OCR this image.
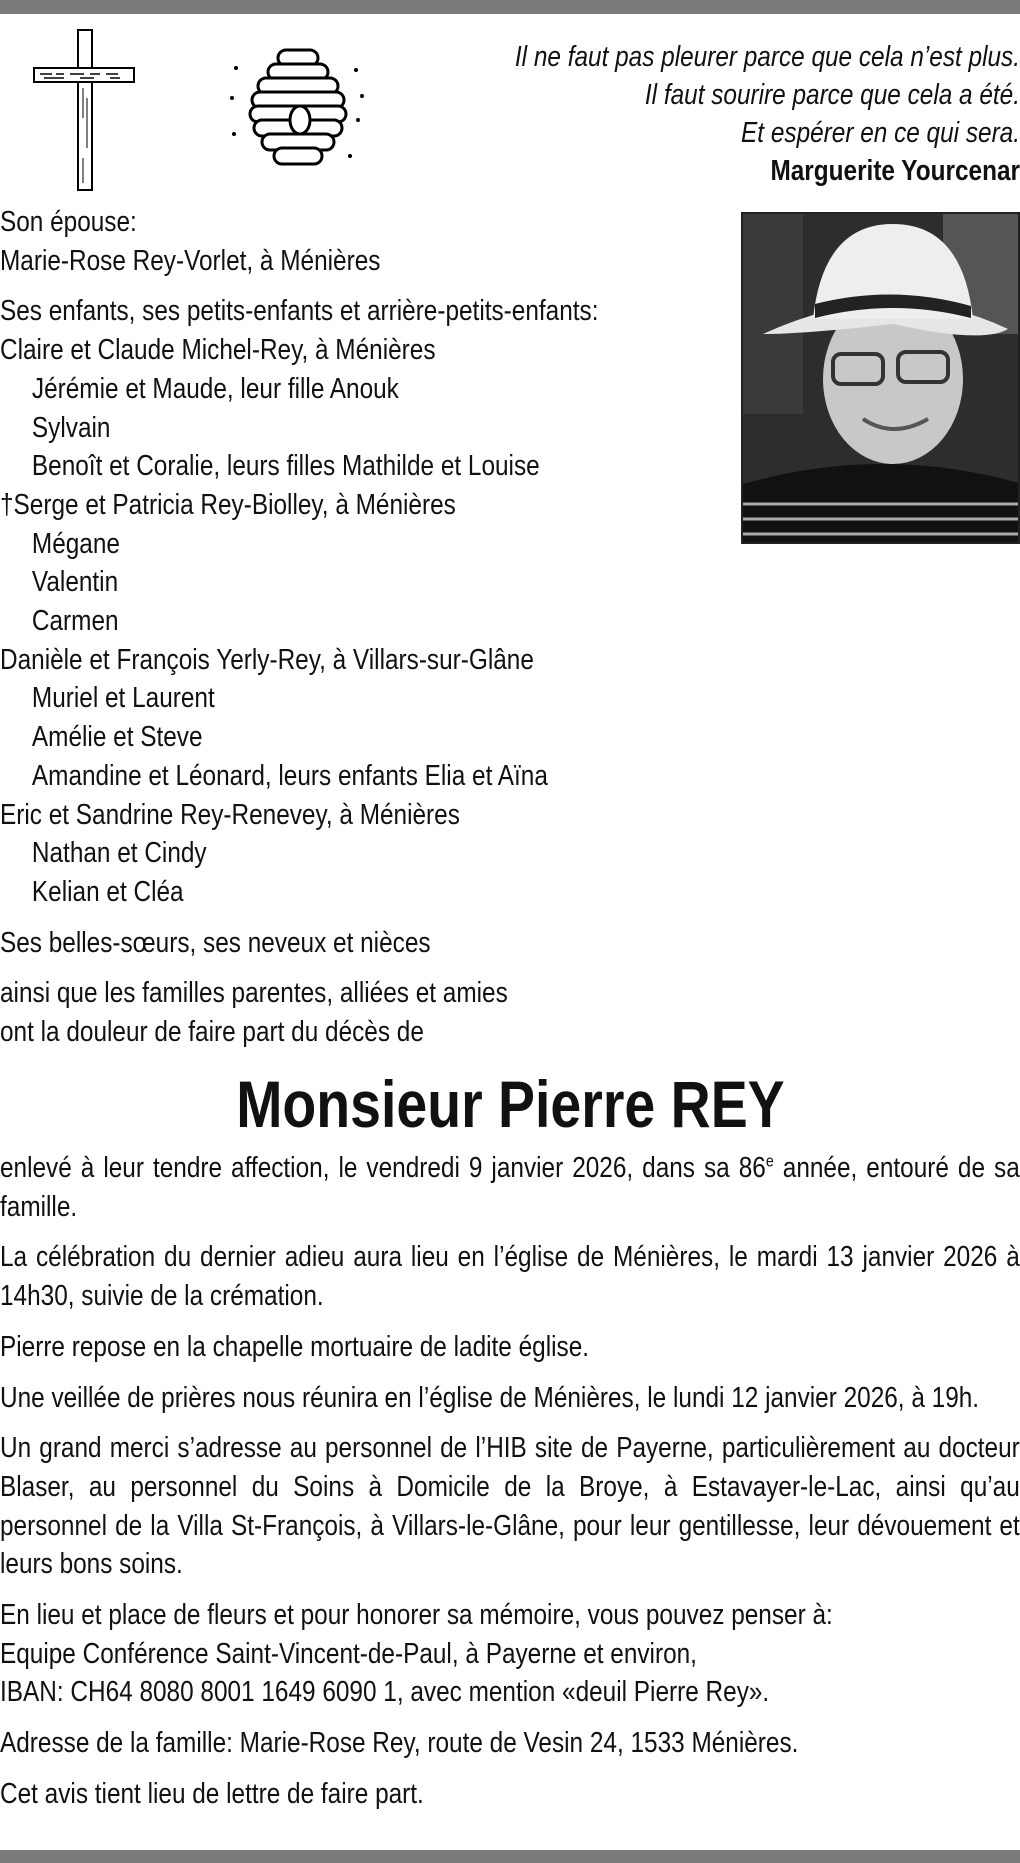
Il ne faut pas pleurer parce que cela n’est plus.
Il faut sourire parce que cela a été.
Et espérer en ce qui sera.
Marguerite Yourcenar

Son épouse:
Marie-Rose Rey-Vorlet, à Ménières

Ses enfants, ses petits-enfants et arrière-petits-enfants:
Claire et Claude Michel-Rey, à Ménières
Jérémie et Maude, leur fille Anouk
Sylvain
Benoît et Coralie, leurs filles Mathilde et Louise
†Serge et Patricia Rey-Biolley, à Ménières
Mégane
Valentin
Carmen
Danièle et François Yerly-Rey, à Villars-sur-Glâne
Muriel et Laurent
Amélie et Steve
Amandine et Léonard, leurs enfants Elia et Aïna
Eric et Sandrine Rey-Renevey, à Ménières
Nathan et Cindy
Kelian et Cléa

Ses belles-sœurs, ses neveux et nièces

ainsi que les familles parentes, alliées et amies
ont la douleur de faire part du décès de

Monsieur Pierre REY

enlevé à leur tendre affection, le vendredi 9 janvier 2026, dans sa 86e année, entouré de sa famille.

La célébration du dernier adieu aura lieu en l’église de Ménières, le mardi 13 janvier 2026 à 14h30, suivie de la crémation.

Pierre repose en la chapelle mortuaire de ladite église.

Une veillée de prières nous réunira en l’église de Ménières, le lundi 12 janvier 2026, à 19h.

Un grand merci s’adresse au personnel de l’HIB site de Payerne, particulièrement au docteur Blaser, au personnel du Soins à Domicile de la Broye, à Estavayer-le-Lac, ainsi qu’au personnel de la Villa St-François, à Villars-le-Glâne, pour leur gentillesse, leur dévouement et leurs bons soins.

En lieu et place de fleurs et pour honorer sa mémoire, vous pouvez penser à:
Equipe Conférence Saint-Vincent-de-Paul, à Payerne et environ,
IBAN: CH64 8080 8001 1649 6090 1, avec mention «deuil Pierre Rey».

Adresse de la famille: Marie-Rose Rey, route de Vesin 24, 1533 Ménières.

Cet avis tient lieu de lettre de faire part.
